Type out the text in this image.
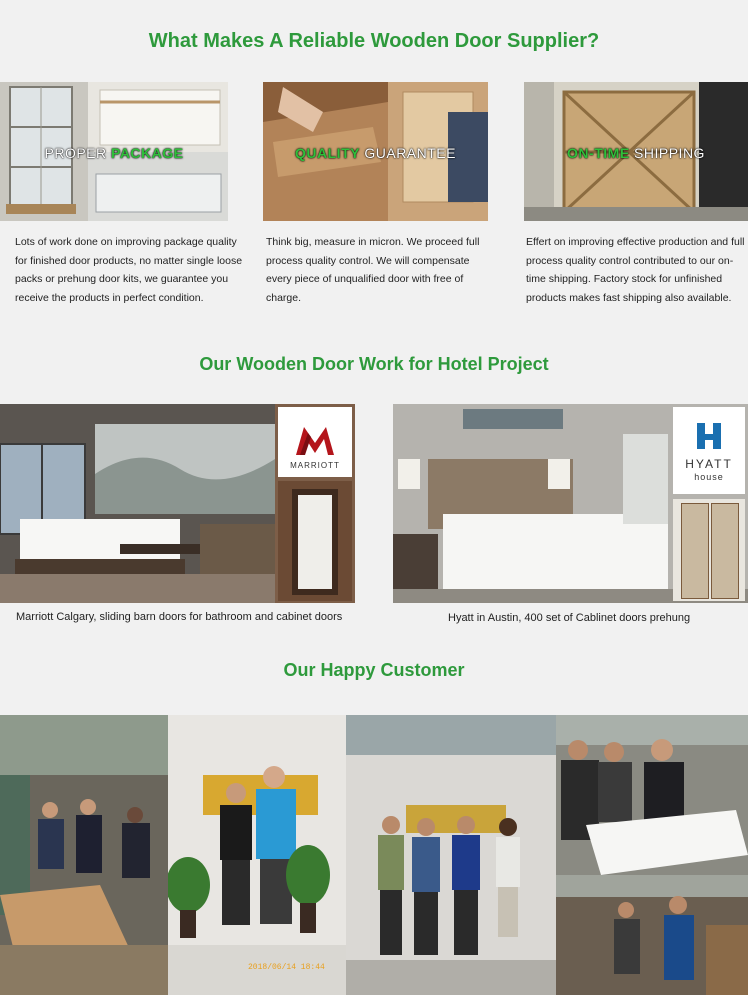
What Makes A Reliable Wooden Door Supplier?
PROPER PACKAGE	QUALITY GUARANTEE	ON-TIME SHIPPING
Lots of work done on improving package quality for finished door products, no matter single loose packs or prehung door kits, we guarantee you receive the products in perfect condition.
Think big, measure in micron. We proceed full process quality control. We will compensate every piece of unqualified door with free of charge.
Effert on improving effective production and full process quality control contributed to our on-time shipping. Factory stock for unfinished products makes fast shipping also available.
Our Wooden Door Work for Hotel Project
MARRIOTT	HYATT
house
Marriott Calgary, sliding barn doors for bathroom and cabinet doors	Hyatt in Austin, 400 set of Cablinet doors prehung
Our Happy Customer
2018/06/14 18:44
